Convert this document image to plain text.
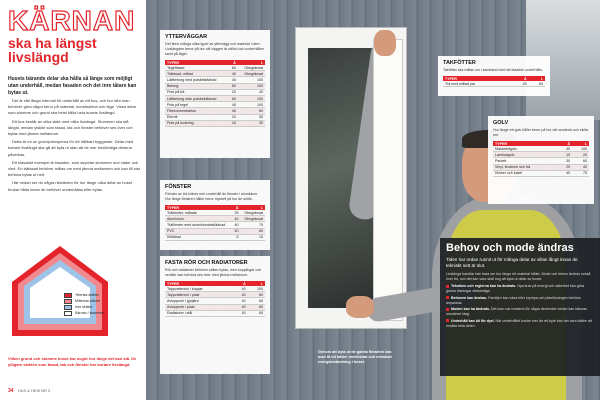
KÄRNAN
ska ha längst livslängd
Husets bärande delar ska hålla så länge som möjligt utan underhåll, medan fasaden och det inre tåtare kan bytas ut.

Det är rätt långa intervall för underhåll av ett hus, och hur ofta man behöver göra något beror på material, konstruktion och läge. Vissa delar som stomme och grund ska helst hålla hela husets livslängd.

Ett hus består av olika skikt med olika livslängd. Stommen ska stå längst, medan ytskikt som fasad, tak och fönster behöver ses över och bytas med jämna mellanrum.

Detta är en av grundprinciperna för ett hållbart byggande. Delar med kortare livslängd ska gå att byta ut utan att de mer beständiga delarna påverkas.

Ett klassiskt exempel är fasaden, som skyddar stommen mot väder och vind. En träfasad behöver målas om med jämna mellanrum och kan till sist behöva bytas ut helt.

Här nedan ser du några riktvärden för hur länge olika delar av huset brukar hålla innan de behöver underhållas eller bytas.

Yttersta skiktet
Mittersta skiktet
Inre skiktet
Kärnan / stommen
Vilken grund och stomme huset har avgör hur länge det kan stå. De ytligare skikten som fasad, tak och fönster har kortare livslängd.
34 HUS & HEM NR 3
YTTERVÄGGAR

Det finns många olika typer av yttervägg och material i dem. Livslängden beror på hur väl väggen är utförd och underhållen samt på läget.

TYPER	Å	L
Tegelfasad	60	Obegränsat
Träfasad, målad	40	Obegränsat
Lättbetong med putsbeklädnad	40	100
Betong	60	100
Puts på trä	20	40
Lättbetong utan putsbeklädnad	60	100
Puts på tegel	40	100
Fibercementskivor	40	60
Eternit	20	50
Puts på isolering	15	30
FÖNSTER

Fönster av trä kräver mer underhåll än fönster i aluminium. Hur länge fönstren håller beror mycket på hur de sköts.

TYPER	Å	L
Träfönster, målade	25	Obegränsat
Aluminium	40	Obegränsat
Träfönster med aluminiumbeklädnad	40	70
PVC	40	60
Kittfalsar	5	15
FASTA RÖR OCH RADIATORER

Rör och radiatorer behöver sällan bytas, men kopplingar och ventiler kan behöva ses över med jämna mellanrum.

TYPER	Å	L
Tappvattenrör i koppar	40	100
Tappvattenrör i plast	40	60
Avloppsrör i gjutjärn	40	60
Avloppsrör i plast	40	60
Radiatorer i stål	40	60
TAKFÖTTER

Takfötter ska målas om i samband med att fasaden underhålls.

TYPER	Å	L
Trä med målad yta	25	60
GOLV

Hur länge ett golv håller beror på hur det används och sköts om.

TYPER	Å	L
Massivträgolv	40	100
Laminatgolv	10	20
Parkett	30	60
Vinyl, linoleum och trä	20	40
Klinker och kakel	40	70
Behov och mode ändras

Tiden har redan runnit ut för många delar av villan långt innan de tekniskt sett är slut.

Livslängd handlar inte bara om hur länge ett material håller. Mode och behov ändras också över tid, och det kan vara skäl nog att byta ut delar av huset.

Tekniken och reglerna kan ha ändrats. Nya krav på energi och säkerhet kan göra gamla lösningar otidsenliga.
Behoven kan ändras. Familjen kan växa eller krympa och planlösningen behöva anpassas.
Moden kan ha ändrats. Det som var modernt för några decennier sedan kan kännas omodernt idag.
Underhåll kan bli för dyrt. När underhållet kostar mer än ett byte kan det vara bättre att ersätta hela delen.
Genom att byta ut de gamla fönstren kan man få ett bättre inneklimat och minskad energianvändning i huset.
